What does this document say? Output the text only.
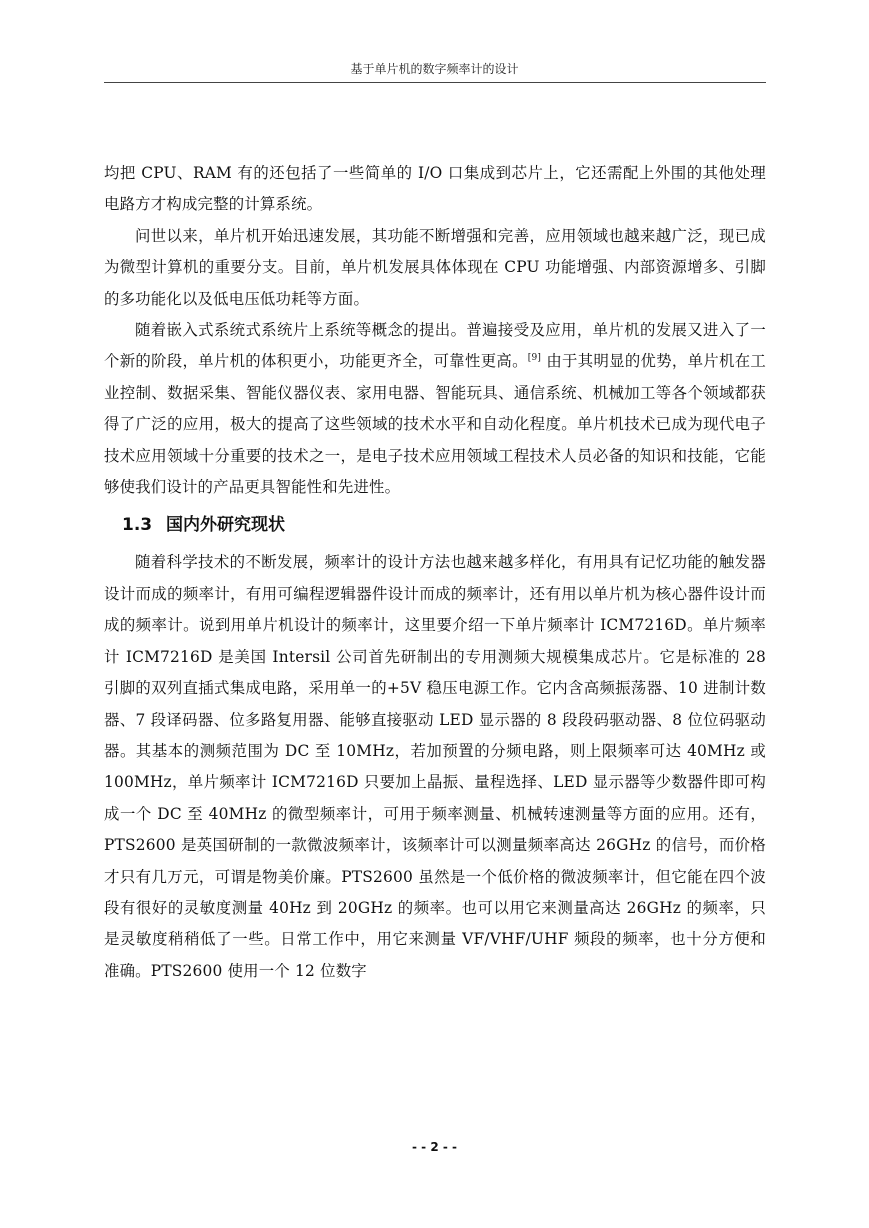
基于单片机的数字频率计的设计

均把 CPU、RAM 有的还包括了一些简单的 I/O 口集成到芯片上，它还需配上外围的其他处理电路方才构成完整的计算系统。

问世以来，单片机开始迅速发展，其功能不断增强和完善，应用领域也越来越广泛，现已成为微型计算机的重要分支。目前，单片机发展具体体现在 CPU 功能增强、内部资源增多、引脚的多功能化以及低电压低功耗等方面。

随着嵌入式系统式系统片上系统等概念的提出。普遍接受及应用，单片机的发展又进入了一个新的阶段，单片机的体积更小，功能更齐全，可靠性更高。[9] 由于其明显的优势，单片机在工业控制、数据采集、智能仪器仪表、家用电器、智能玩具、通信系统、机械加工等各个领域都获得了广泛的应用，极大的提高了这些领域的技术水平和自动化程度。单片机技术已成为现代电子技术应用领域十分重要的技术之一，是电子技术应用领域工程技术人员必备的知识和技能，它能够使我们设计的产品更具智能性和先进性。

1.3 国内外研究现状

随着科学技术的不断发展，频率计的设计方法也越来越多样化，有用具有记忆功能的触发器设计而成的频率计，有用可编程逻辑器件设计而成的频率计，还有用以单片机为核心器件设计而成的频率计。说到用单片机设计的频率计，这里要介绍一下单片频率计 ICM7216D。单片频率计 ICM7216D 是美国 Intersil 公司首先研制出的专用测频大规模集成芯片。它是标准的 28 引脚的双列直插式集成电路，采用单一的+5V 稳压电源工作。它内含高频振荡器、10 进制计数器、7 段译码器、位多路复用器、能够直接驱动 LED 显示器的 8 段段码驱动器、8 位位码驱动器。其基本的测频范围为 DC 至 10MHz，若加预置的分频电路，则上限频率可达 40MHz 或 100MHz，单片频率计 ICM7216D 只要加上晶振、量程选择、LED 显示器等少数器件即可构成一个 DC 至 40MHz 的微型频率计，可用于频率测量、机械转速测量等方面的应用。还有，PTS2600 是英国研制的一款微波频率计，该频率计可以测量频率高达 26GHz 的信号，而价格才只有几万元，可谓是物美价廉。PTS2600 虽然是一个低价格的微波频率计，但它能在四个波段有很好的灵敏度测量 40Hz 到 20GHz 的频率。也可以用它来测量高达 26GHz 的频率，只是灵敏度稍稍低了一些。日常工作中，用它来测量 VF/VHF/UHF 频段的频率，也十分方便和准确。PTS2600 使用一个 12 位数字

- - 2 - -
